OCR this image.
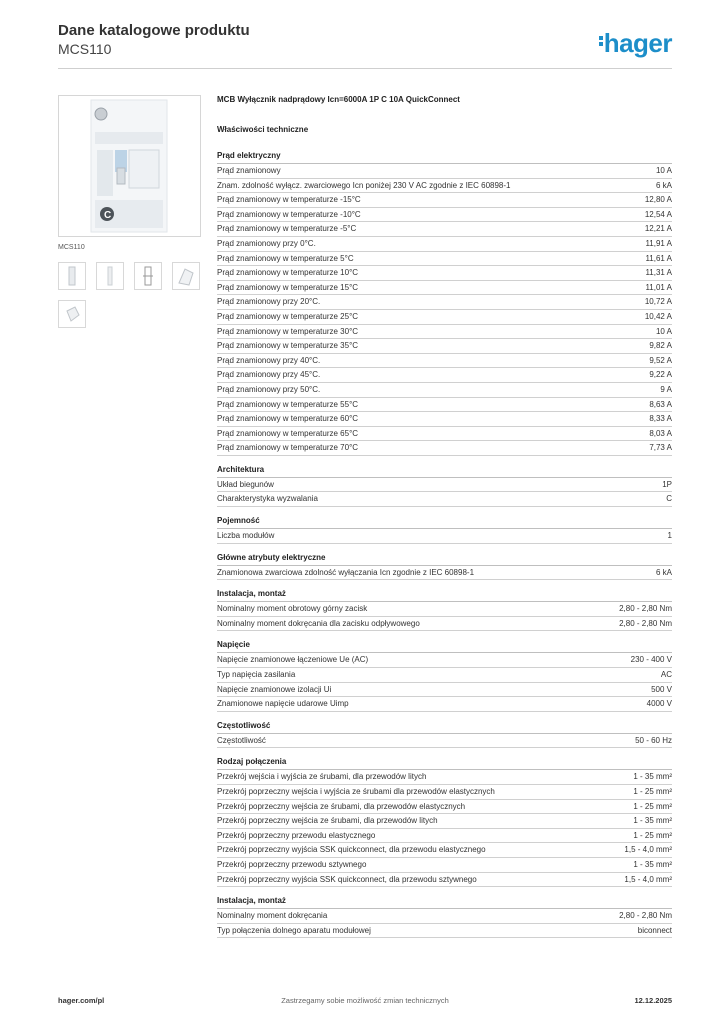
Dane katalogowe produktu
MCS110	hager
C
MCS110
MCB Wyłącznik nadprądowy Icn=6000A 1P C 10A QuickConnect
Właściwości techniczne
Prąd elektryczny
Prąd znamionowy	10 A
Znam. zdolność wyłącz. zwarciowego Icn poniżej 230 V AC zgodnie z IEC 60898-1	6 kA
Prąd znamionowy w temperaturze -15°C	12,80 A
Prąd znamionowy w temperaturze -10°C	12,54 A
Prąd znamionowy w temperaturze -5°C	12,21 A
Prąd znamionowy przy 0°C.	11,91 A
Prąd znamionowy w temperaturze 5°C	11,61 A
Prąd znamionowy w temperaturze 10°C	11,31 A
Prąd znamionowy w temperaturze 15°C	11,01 A
Prąd znamionowy przy 20°C.	10,72 A
Prąd znamionowy w temperaturze 25°C	10,42 A
Prąd znamionowy w temperaturze 30°C	10 A
Prąd znamionowy w temperaturze 35°C	9,82 A
Prąd znamionowy przy 40°C.	9,52 A
Prąd znamionowy przy 45°C.	9,22 A
Prąd znamionowy przy 50°C.	9 A
Prąd znamionowy w temperaturze 55°C	8,63 A
Prąd znamionowy w temperaturze 60°C	8,33 A
Prąd znamionowy w temperaturze 65°C	8,03 A
Prąd znamionowy w temperaturze 70°C	7,73 A
Architektura
Układ biegunów	1P
Charakterystyka wyzwalania	C
Pojemność
Liczba modułów	1
Główne atrybuty elektryczne
Znamionowa zwarciowa zdolność wyłączania Icn zgodnie z IEC 60898-1	6 kA
Instalacja, montaż
Nominalny moment obrotowy górny zacisk	2,80 - 2,80 Nm
Nominalny moment dokręcania dla zacisku odpływowego	2,80 - 2,80 Nm
Napięcie
Napięcie znamionowe łączeniowe Ue (AC)	230 - 400 V
Typ napięcia zasilania	AC
Napięcie znamionowe izolacji Ui	500 V
Znamionowe napięcie udarowe Uimp	4000 V
Częstotliwość
Częstotliwość	50 - 60 Hz
Rodzaj połączenia
Przekrój wejścia i wyjścia ze śrubami, dla przewodów litych	1 - 35 mm²
Przekrój poprzeczny wejścia i wyjścia ze śrubami dla przewodów elastycznych	1 - 25 mm²
Przekrój poprzeczny wejścia ze śrubami, dla przewodów elastycznych	1 - 25 mm²
Przekrój poprzeczny wejścia ze śrubami, dla przewodów litych	1 - 35 mm²
Przekrój poprzeczny przewodu elastycznego	1 - 25 mm²
Przekrój poprzeczny wyjścia SSK quickconnect, dla przewodu elastycznego	1,5 - 4,0 mm²
Przekrój poprzeczny przewodu sztywnego	1 - 35 mm²
Przekrój poprzeczny wyjścia SSK quickconnect, dla przewodu sztywnego	1,5 - 4,0 mm²
Instalacja, montaż
Nominalny moment dokręcania	2,80 - 2,80 Nm
Typ połączenia dolnego aparatu modułowej	biconnect
hager.com/pl	Zastrzegamy sobie możliwość zmian technicznych	12.12.2025
